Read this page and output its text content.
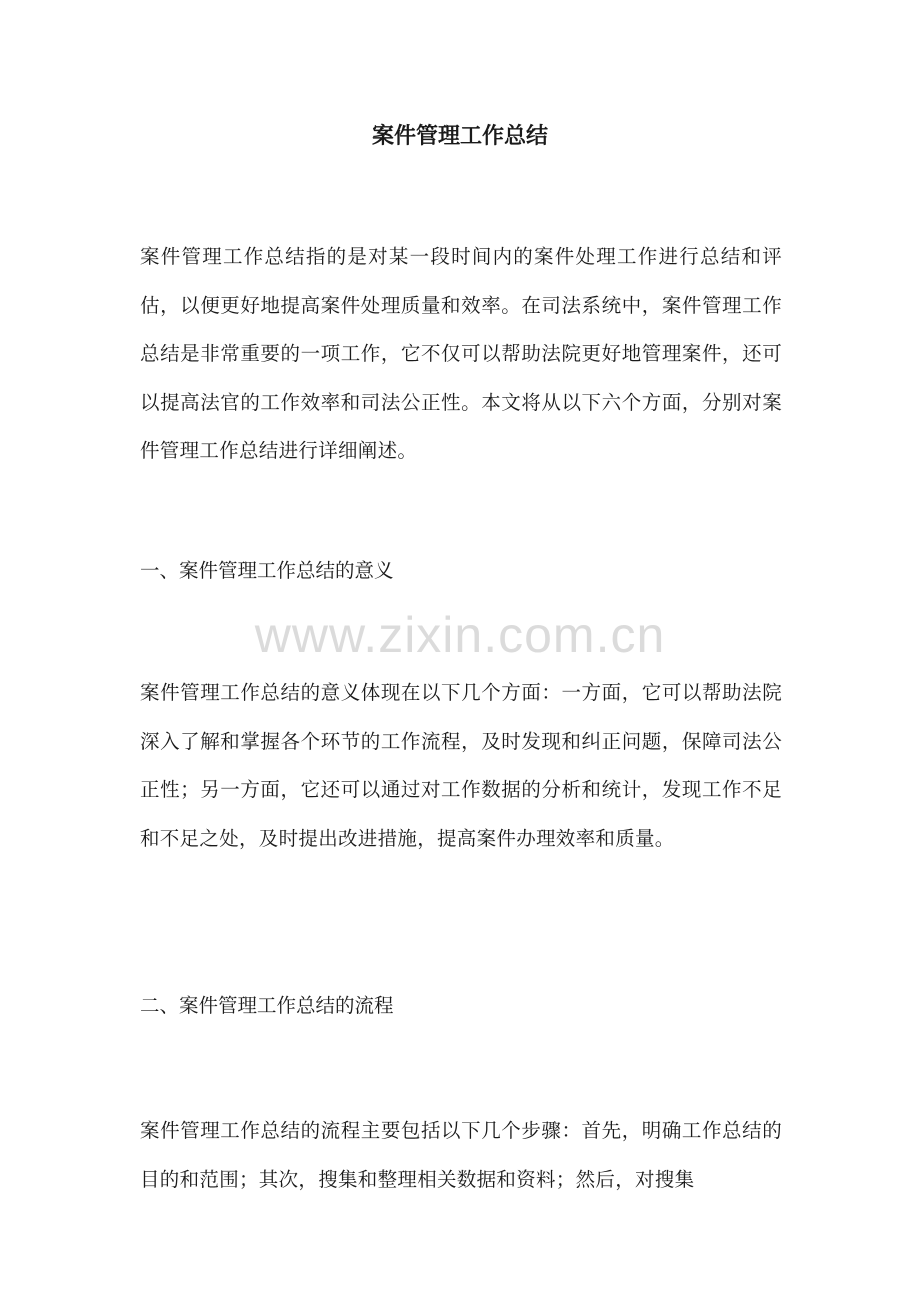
案件管理工作总结

案件管理工作总结指的是对某一段时间内的案件处理工作进行总结和评估，以便更好地提高案件处理质量和效率。在司法系统中，案件管理工作总结是非常重要的一项工作，它不仅可以帮助法院更好地管理案件，还可以提高法官的工作效率和司法公正性。本文将从以下六个方面，分别对案件管理工作总结进行详细阐述。

一、案件管理工作总结的意义
www.zixin.com.cn

案件管理工作总结的意义体现在以下几个方面：一方面，它可以帮助法院深入了解和掌握各个环节的工作流程，及时发现和纠正问题，保障司法公正性；另一方面，它还可以通过对工作数据的分析和统计，发现工作不足和不足之处，及时提出改进措施，提高案件办理效率和质量。

二、案件管理工作总结的流程

案件管理工作总结的流程主要包括以下几个步骤：首先，明确工作总结的目的和范围；其次，搜集和整理相关数据和资料；然后，对搜集
